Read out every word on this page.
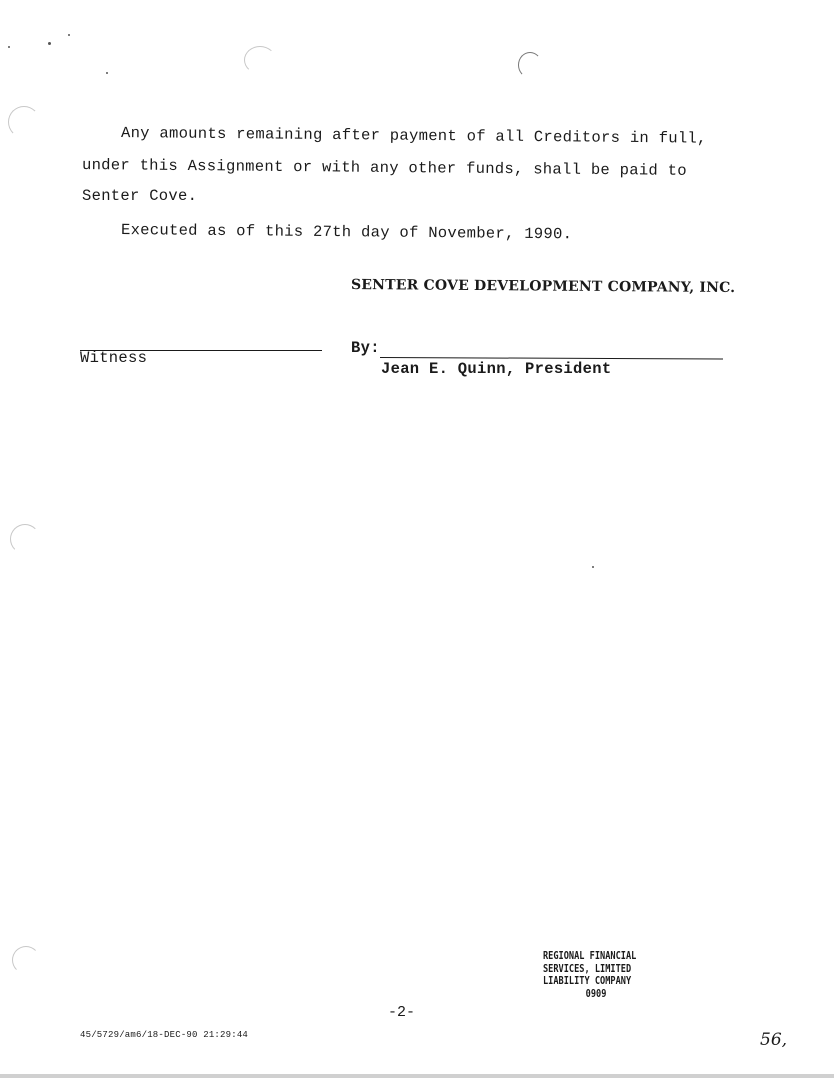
Any amounts remaining after payment of all Creditors in full,
under this Assignment or with any other funds, shall be paid to
Senter Cove.
Executed as of this 27th day of November, 1990.
SENTER COVE DEVELOPMENT COMPANY, INC.
Witness
By:
Jean E. Quinn, President
REGIONAL FINANCIAL
SERVICES, LIMITED
LIABILITY COMPANY
0909
-2-
45/5729/am6/18-DEC-90 21:29:44	56,
